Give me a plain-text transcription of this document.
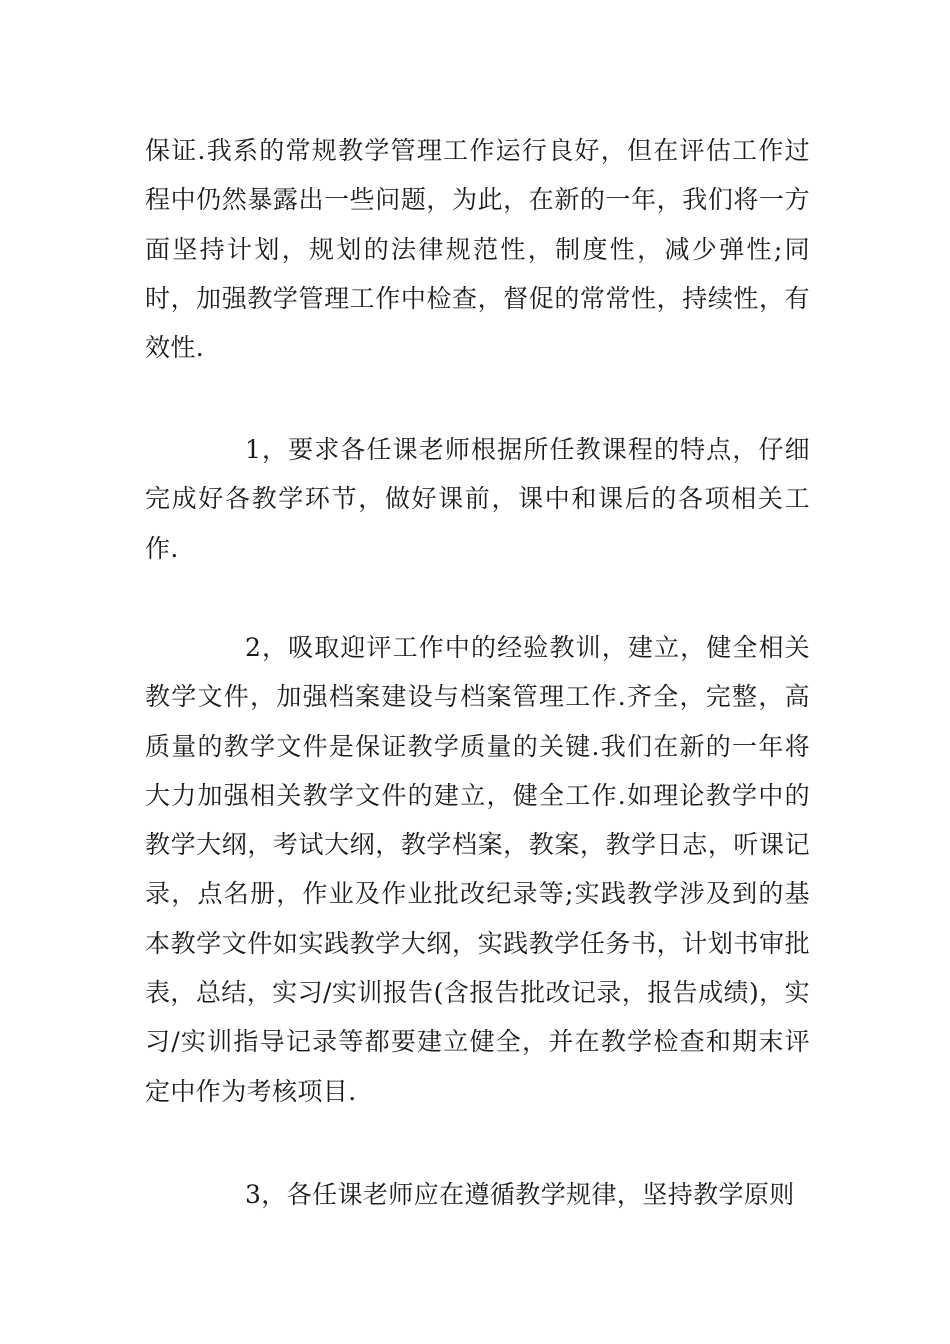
保证.我系的常规教学管理工作运行良好，但在评估工作过程中仍然暴露出一些问题，为此，在新的一年，我们将一方面坚持计划，规划的法律规范性，制度性，减少弹性;同时，加强教学管理工作中检查，督促的常常性，持续性，有效性.

1，要求各任课老师根据所任教课程的特点，仔细完成好各教学环节，做好课前，课中和课后的各项相关工作.

2，吸取迎评工作中的经验教训，建立，健全相关教学文件，加强档案建设与档案管理工作.齐全，完整，高质量的教学文件是保证教学质量的关键.我们在新的一年将大力加强相关教学文件的建立，健全工作.如理论教学中的教学大纲，考试大纲，教学档案，教案，教学日志，听课记录，点名册，作业及作业批改纪录等;实践教学涉及到的基本教学文件如实践教学大纲，实践教学任务书，计划书审批表，总结，实习/实训报告(含报告批改记录，报告成绩)，实习/实训指导记录等都要建立健全，并在教学检查和期末评定中作为考核项目.

3，各任课老师应在遵循教学规律，坚持教学原则
